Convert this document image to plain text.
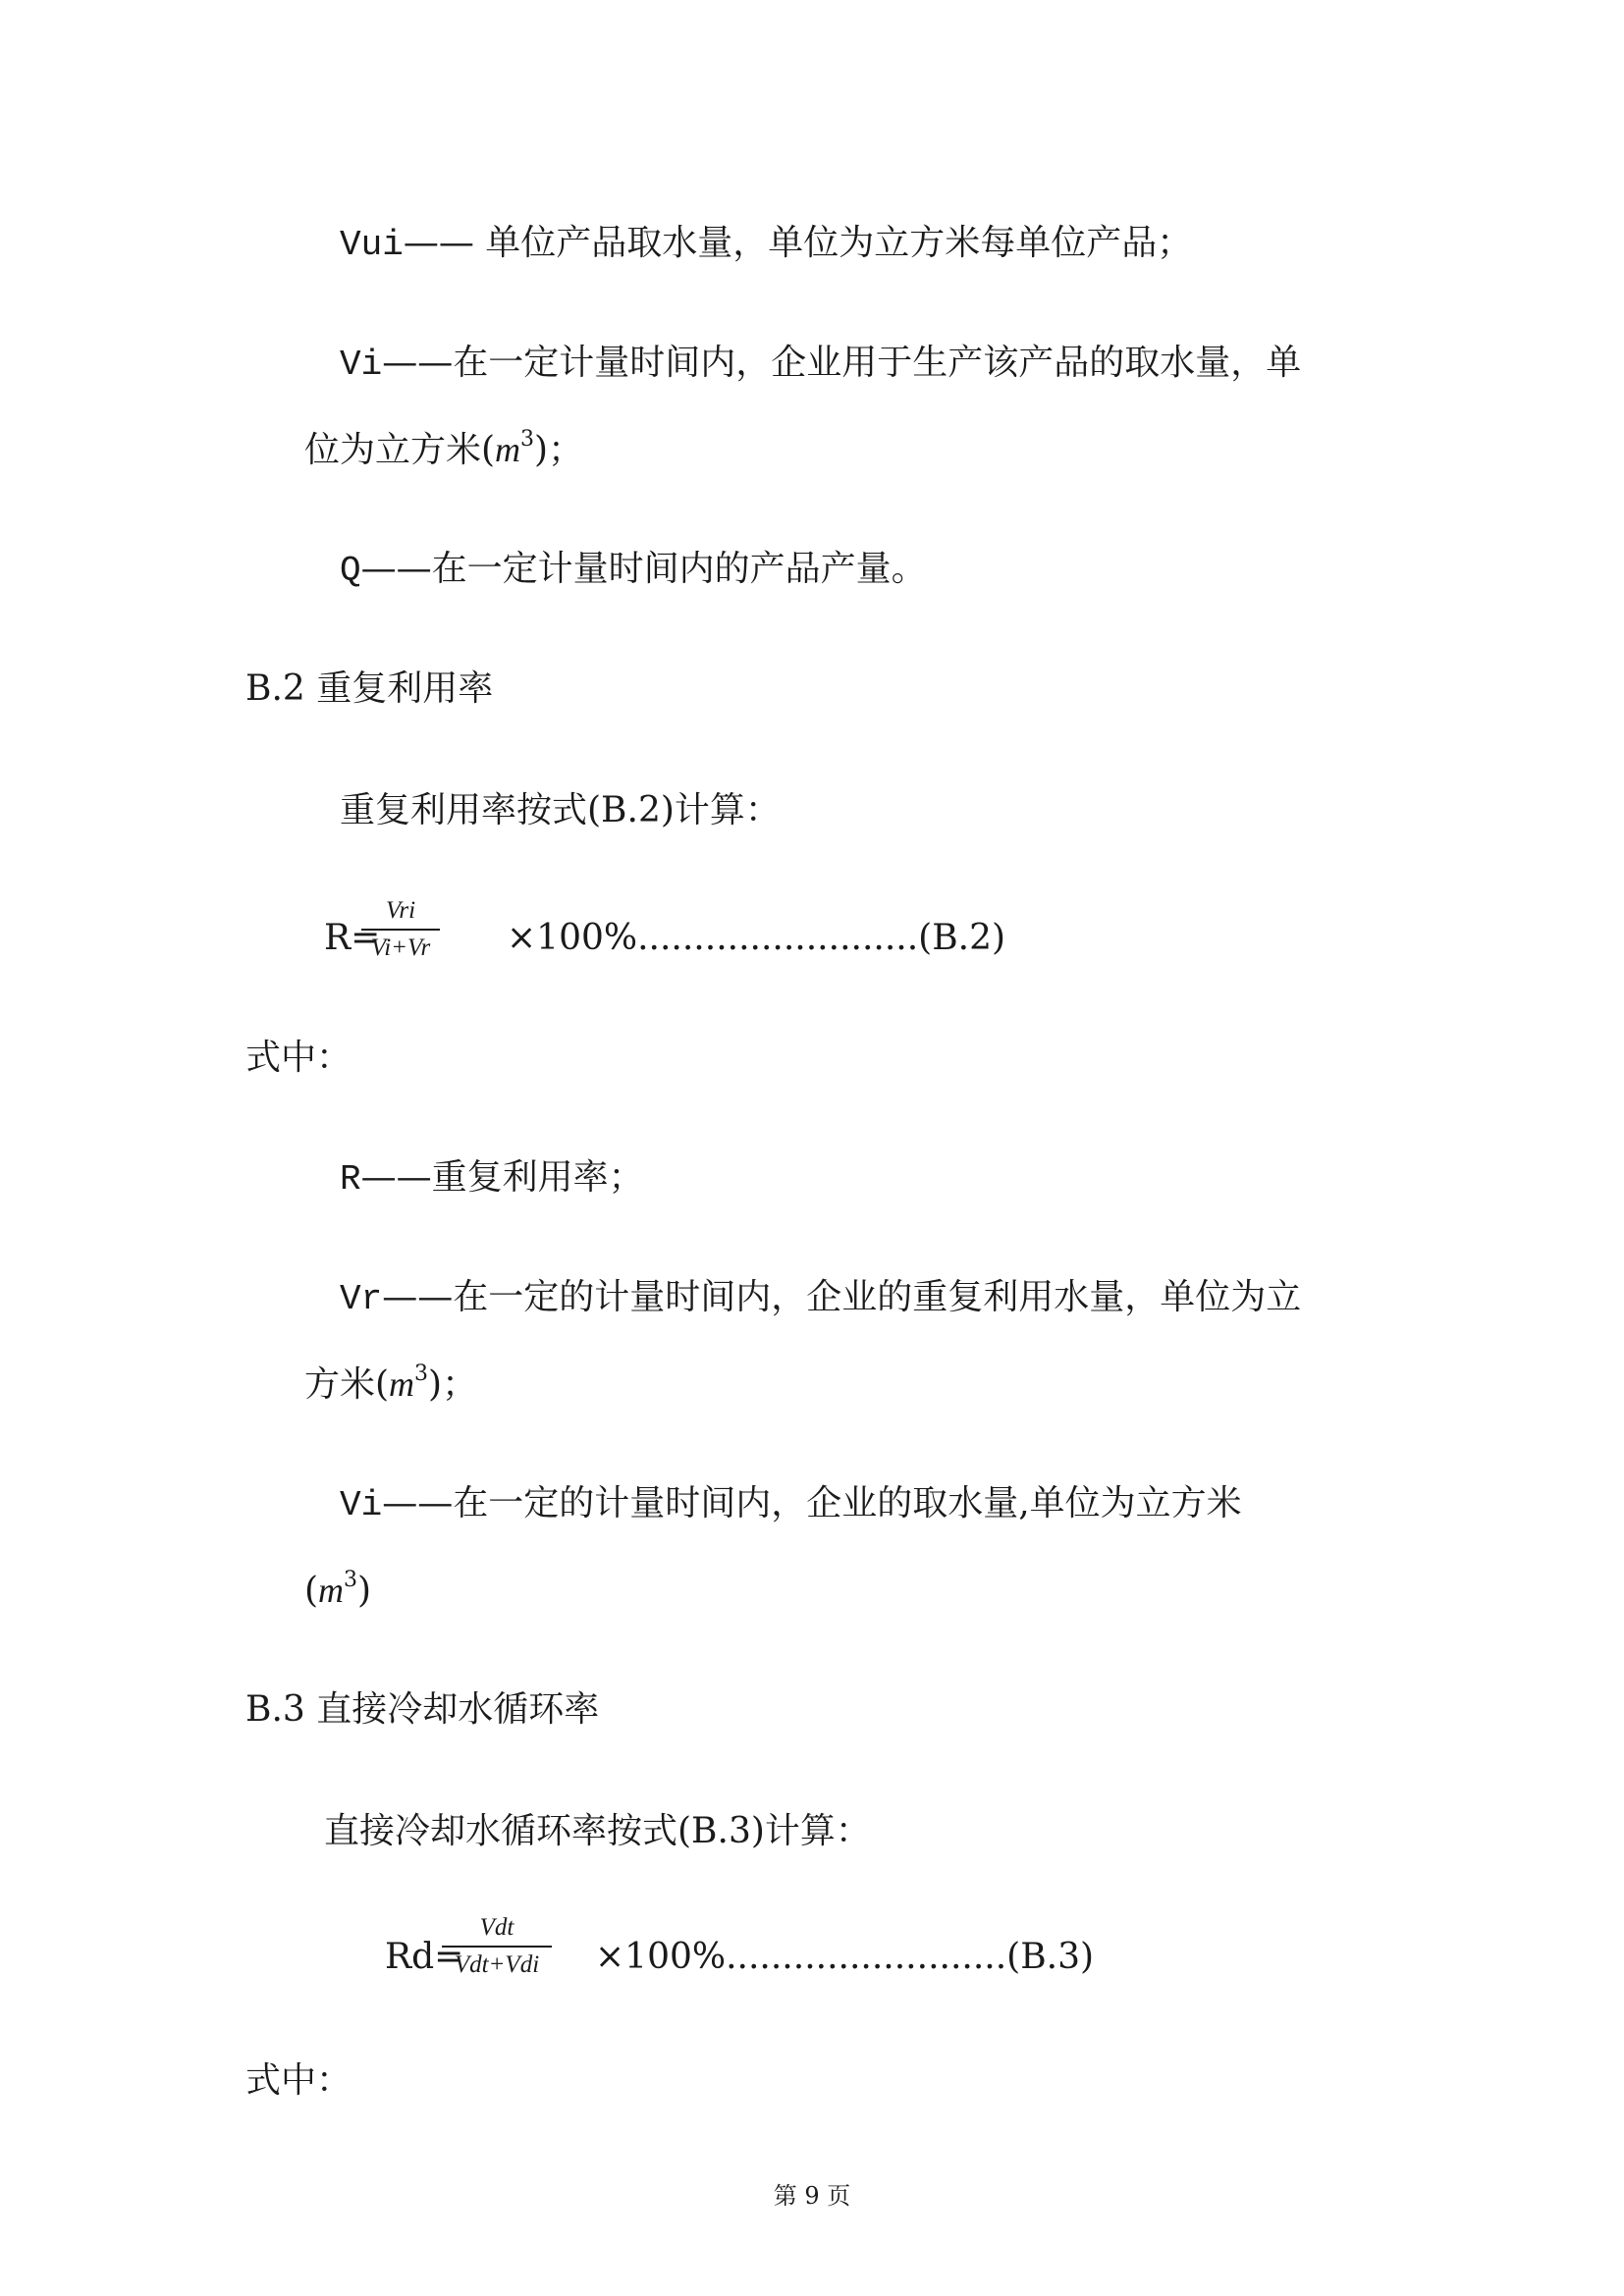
Vui—— 单位产品取水量，单位为立方米每单位产品；
Vi——在一定计量时间内，企业用于生产该产品的取水量，单
位为立方米$(m^3)$；
Q——在一定计量时间内的产品产量。
B.2 重复利用率
重复利用率按式(B.2)计算：
R=
Vri
Vi+Vr ×100%.........................(B.2)
式中：
R——重复利用率；
Vr——在一定的计量时间内，企业的重复利用水量，单位为立
方米$(m^3)$；
Vi——在一定的计量时间内，企业的取水量,单位为立方米
$(m^3)$
B.3 直接冷却水循环率
直接冷却水循环率按式(B.3)计算：
Rd=
Vdt
Vdt+Vdi	×100%.........................(B.3)
式中：
第 9 页
